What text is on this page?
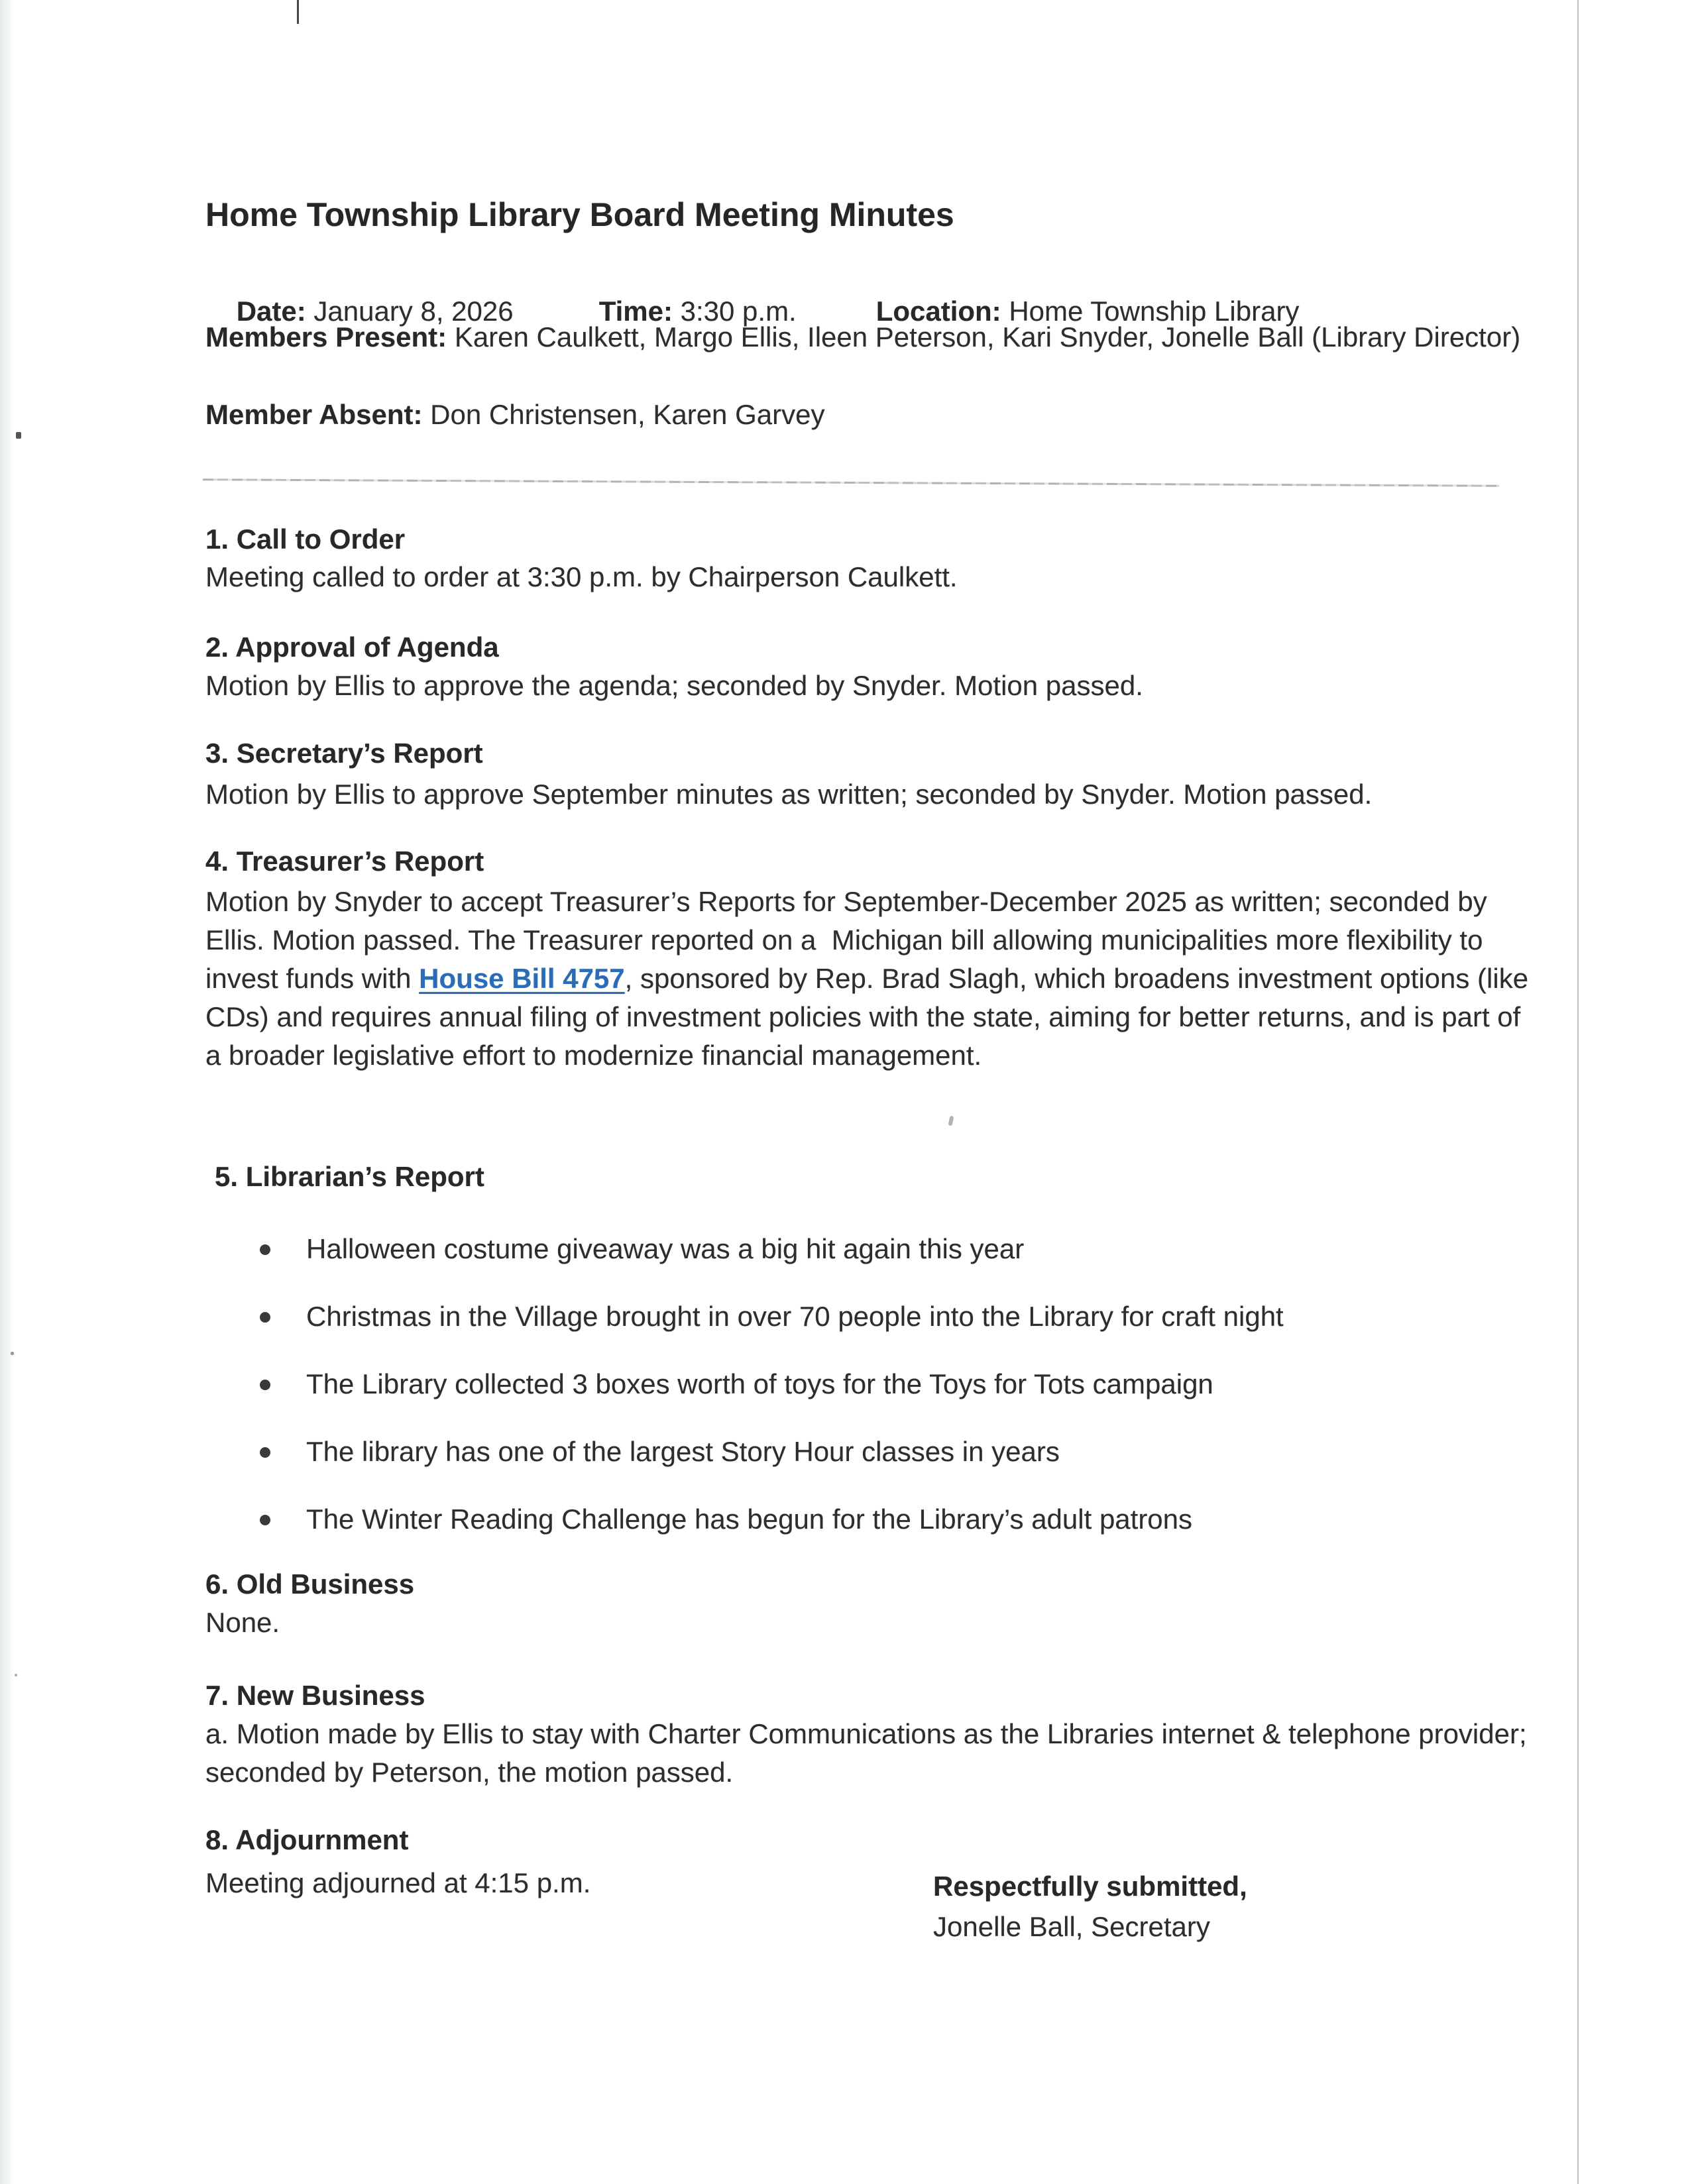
Home Township Library Board Meeting Minutes

Date: January 8, 2026	Time: 3:30 p.m.	Location: Home Township Library

Members Present: Karen Caulkett, Margo Ellis, Ileen Peterson, Kari Snyder, Jonelle Ball (Library Director)
Member Absent: Don Christensen, Karen Garvey
1. Call to Order
Meeting called to order at 3:30 p.m. by Chairperson Caulkett.
2. Approval of Agenda
Motion by Ellis to approve the agenda; seconded by Snyder. Motion passed.
3. Secretary’s Report
Motion by Ellis to approve September minutes as written; seconded by Snyder. Motion passed.
4. Treasurer’s Report
Motion by Snyder to accept Treasurer’s Reports for September-December 2025 as written; seconded by Ellis. Motion passed. The Treasurer reported on a  Michigan bill allowing municipalities more flexibility to invest funds with House Bill 4757, sponsored by Rep. Brad Slagh, which broadens investment options (like CDs) and requires annual filing of investment policies with the state, aiming for better returns, and is part of a broader legislative effort to modernize financial management.
5. Librarian’s Report
Halloween costume giveaway was a big hit again this year
Christmas in the Village brought in over 70 people into the Library for craft night
The Library collected 3 boxes worth of toys for the Toys for Tots campaign
The library has one of the largest Story Hour classes in years
The Winter Reading Challenge has begun for the Library’s adult patrons
6. Old Business
None.
7. New Business
a. Motion made by Ellis to stay with Charter Communications as the Libraries internet & telephone provider; seconded by Peterson, the motion passed.
8. Adjournment
Meeting adjourned at 4:15 p.m.	Respectfully submitted,
Jonelle Ball, Secretary
